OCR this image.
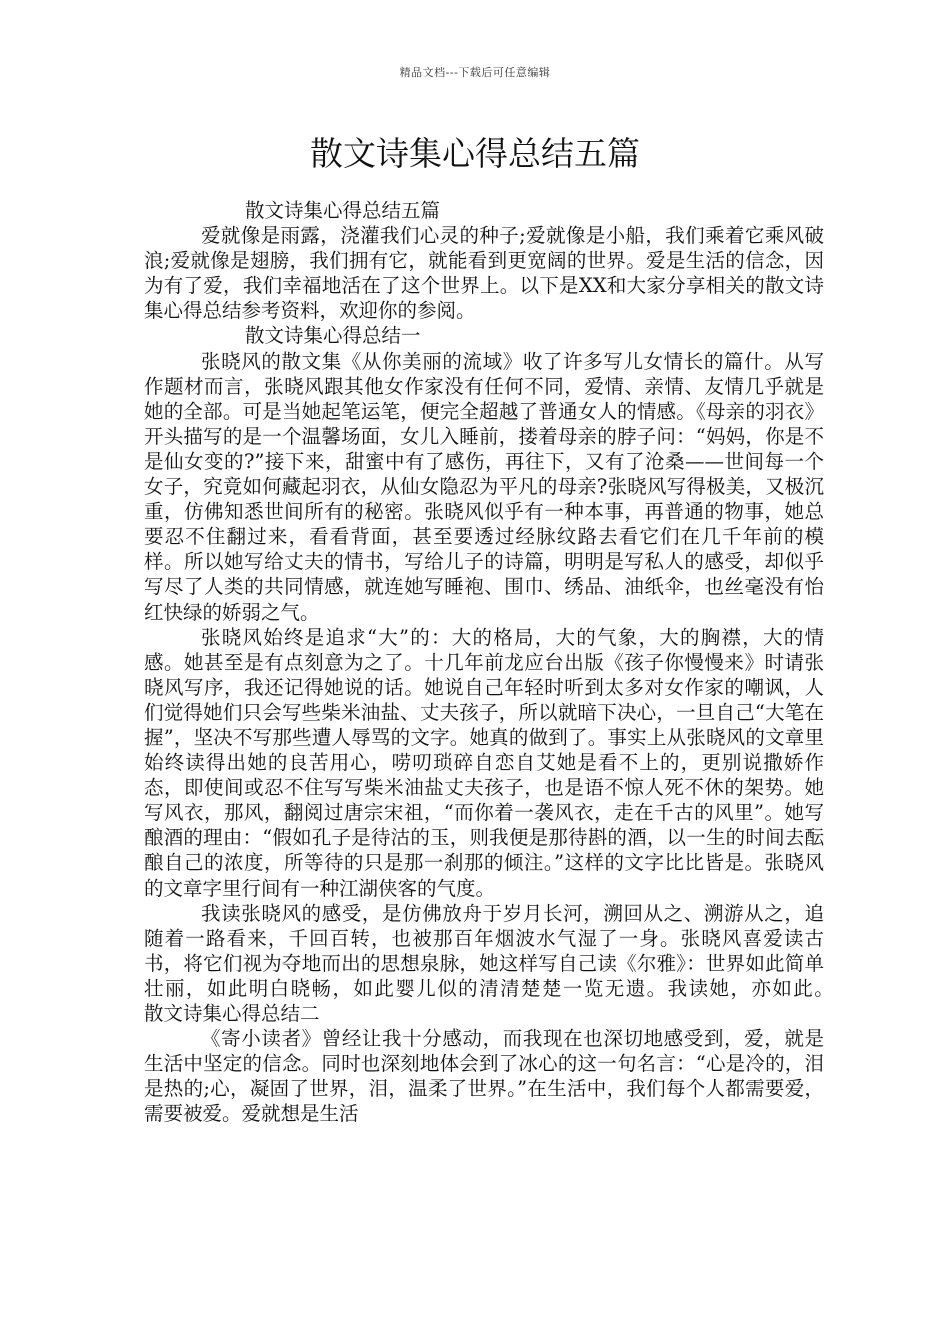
精品文档---下载后可任意编辑
散文诗集心得总结五篇

散文诗集心得总结五篇

爱就像是雨露，浇灌我们心灵的种子;爱就像是小船，我们乘着它乘风破浪;爱就像是翅膀，我们拥有它，就能看到更宽阔的世界。爱是生活的信念，因为有了爱，我们幸福地活在了这个世界上。以下是XX和大家分享相关的散文诗集心得总结参考资料，欢迎你的参阅。

散文诗集心得总结一

张晓风的散文集《从你美丽的流域》收了许多写儿女情长的篇什。从写作题材而言，张晓风跟其他女作家没有任何不同，爱情、亲情、友情几乎就是她的全部。可是当她起笔运笔，便完全超越了普通女人的情感。《母亲的羽衣》开头描写的是一个温馨场面，女儿入睡前，搂着母亲的脖子问：“妈妈，你是不是仙女变的?”接下来，甜蜜中有了感伤，再往下，又有了沧桑——世间每一个女子，究竟如何藏起羽衣，从仙女隐忍为平凡的母亲?张晓风写得极美，又极沉重，仿佛知悉世间所有的秘密。张晓风似乎有一种本事，再普通的物事，她总要忍不住翻过来，看看背面，甚至要透过经脉纹路去看它们在几千年前的模样。所以她写给丈夫的情书，写给儿子的诗篇，明明是写私人的感受，却似乎写尽了人类的共同情感，就连她写睡袍、围巾、绣品、油纸伞，也丝毫没有怡红快绿的娇弱之气。

张晓风始终是追求“大”的：大的格局，大的气象，大的胸襟，大的情感。她甚至是有点刻意为之了。十几年前龙应台出版《孩子你慢慢来》时请张晓风写序，我还记得她说的话。她说自己年轻时听到太多对女作家的嘲讽，人们觉得她们只会写些柴米油盐、丈夫孩子，所以就暗下决心，一旦自己“大笔在握”，坚决不写那些遭人辱骂的文字。她真的做到了。事实上从张晓风的文章里始终读得出她的良苦用心，唠叨琐碎自恋自艾她是看不上的，更别说撒娇作态，即使间或忍不住写写柴米油盐丈夫孩子，也是语不惊人死不休的架势。她写风衣，那风，翻阅过唐宗宋祖，“而你着一袭风衣，走在千古的风里”。她写酿酒的理由：“假如孔子是待沽的玉，则我便是那待斟的酒，以一生的时间去酝酿自己的浓度，所等待的只是那一刹那的倾注。”这样的文字比比皆是。张晓风的文章字里行间有一种江湖侠客的气度。

我读张晓风的感受，是仿佛放舟于岁月长河，溯回从之、溯游从之，追随着一路看来，千回百转，也被那百年烟波水气湿了一身。张晓风喜爱读古书，将它们视为夺地而出的思想泉脉，她这样写自己读《尔雅》：世界如此简单壮丽，如此明白晓畅，如此婴儿似的清清楚楚一览无遗。我读她，亦如此。　　散文诗集心得总结二

《寄小读者》曾经让我十分感动，而我现在也深切地感受到，爱，就是生活中坚定的信念。同时也深刻地体会到了冰心的这一句名言：“心是冷的，泪是热的;心，凝固了世界，泪，温柔了世界。”在生活中，我们每个人都需要爱，需要被爱。爱就想是生活
